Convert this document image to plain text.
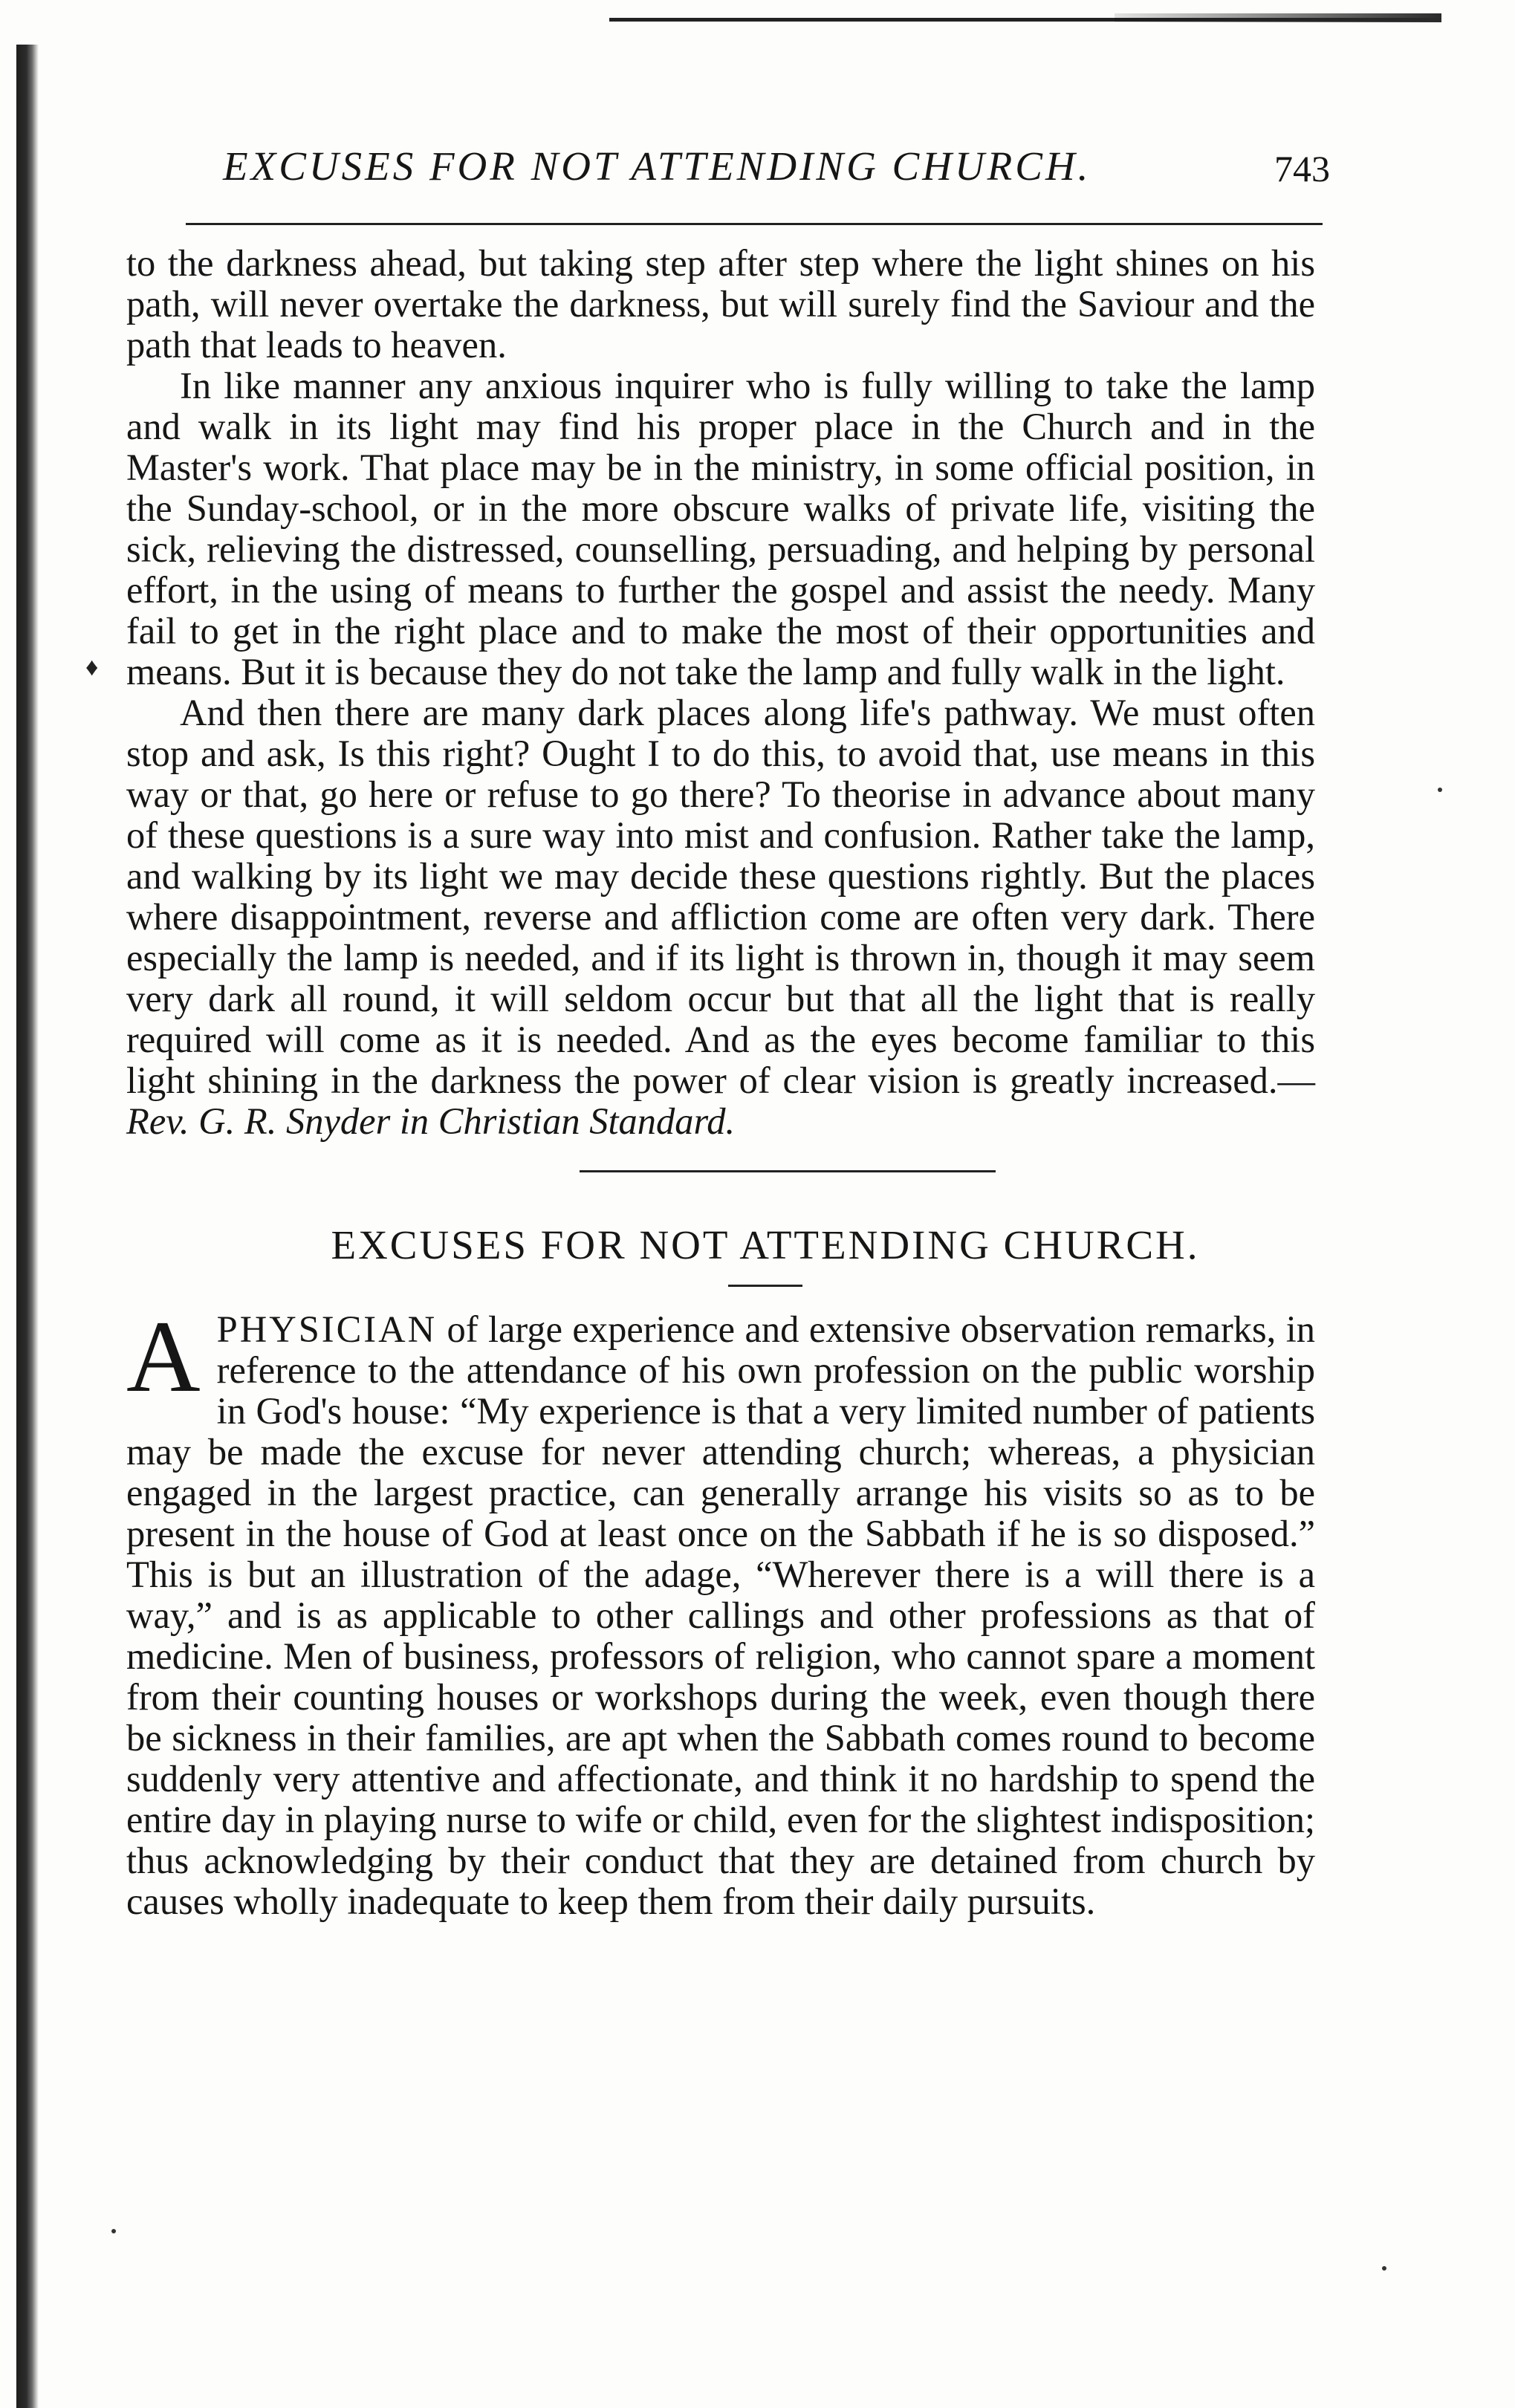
♦
EXCUSES FOR NOT ATTENDING CHURCH.	743

to the darkness ahead, but taking step after step where the light shines on his path, will never overtake the darkness, but will surely find the Saviour and the path that leads to heaven.

In like manner any anxious inquirer who is fully willing to take the lamp and walk in its light may find his proper place in the Church and in the Master's work. That place may be in the ministry, in some official position, in the Sunday-school, or in the more obscure walks of private life, visiting the sick, relieving the distressed, counselling, persuading, and helping by personal effort, in the using of means to further the gospel and assist the needy. Many fail to get in the right place and to make the most of their opportunities and means. But it is because they do not take the lamp and fully walk in the light.

And then there are many dark places along life's pathway. We must often stop and ask, Is this right? Ought I to do this, to avoid that, use means in this way or that, go here or refuse to go there? To theorise in advance about many of these questions is a sure way into mist and confusion. Rather take the lamp, and walking by its light we may decide these questions rightly. But the places where disappointment, reverse and affliction come are often very dark. There especially the lamp is needed, and if its light is thrown in, though it may seem very dark all round, it will seldom occur but that all the light that is really required will come as it is needed. And as the eyes become familiar to this light shining in the darkness the power of clear vision is greatly increased.—Rev. G. R. Snyder in Christian Standard.

EXCUSES FOR NOT ATTENDING CHURCH.

APHYSICIAN of large experience and extensive observation remarks, in reference to the attendance of his own profession on the public worship in God's house: “My experience is that a very limited number of patients may be made the excuse for never attending church; whereas, a physician engaged in the largest practice, can generally arrange his visits so as to be present in the house of God at least once on the Sabbath if he is so disposed.” This is but an illustration of the adage, “Wherever there is a will there is a way,” and is as applicable to other callings and other professions as that of medicine. Men of business, professors of religion, who cannot spare a moment from their counting houses or workshops during the week, even though there be sickness in their families, are apt when the Sabbath comes round to become suddenly very attentive and affectionate, and think it no hardship to spend the entire day in playing nurse to wife or child, even for the slightest indisposition; thus acknowledging by their conduct that they are detained from church by causes wholly inadequate to keep them from their daily pursuits.
